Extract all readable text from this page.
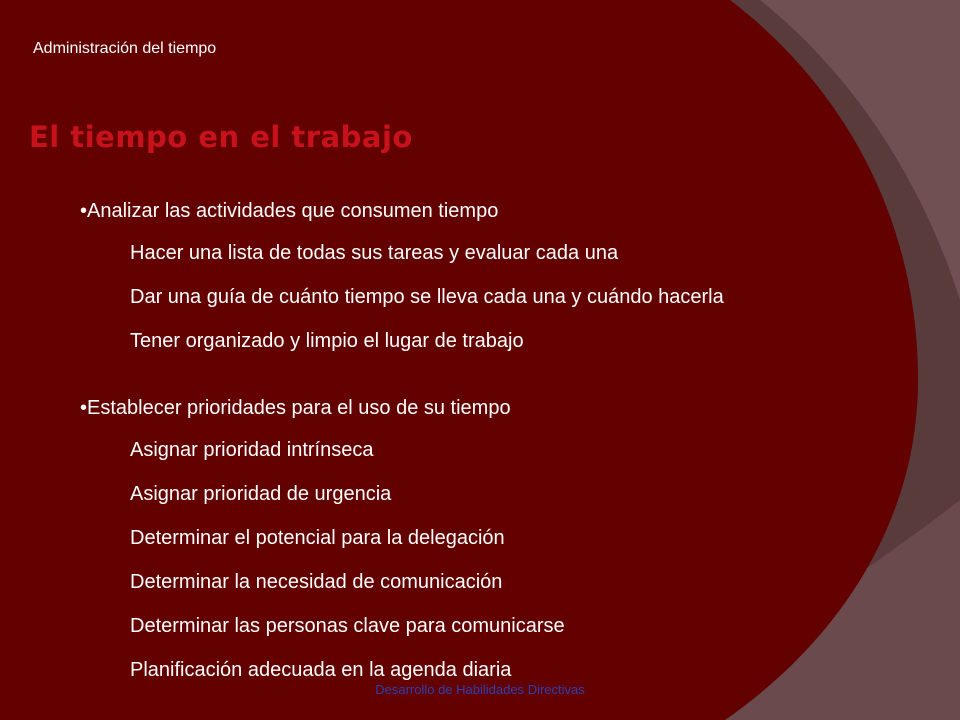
Administración del tiempo
El tiempo en el trabajo
•Analizar las actividades que consumen tiempo
Hacer una lista de todas sus tareas y evaluar cada una
Dar una guía de cuánto tiempo se lleva cada una y cuándo hacerla
Tener organizado y limpio el lugar de trabajo
•Establecer prioridades para el uso de su tiempo
Asignar prioridad intrínseca
Asignar prioridad de urgencia
Determinar el potencial para la delegación
Determinar la necesidad de comunicación
Determinar las personas clave para comunicarse
Planificación adecuada en la agenda diaria
Desarrollo de Habilidades Directivas
